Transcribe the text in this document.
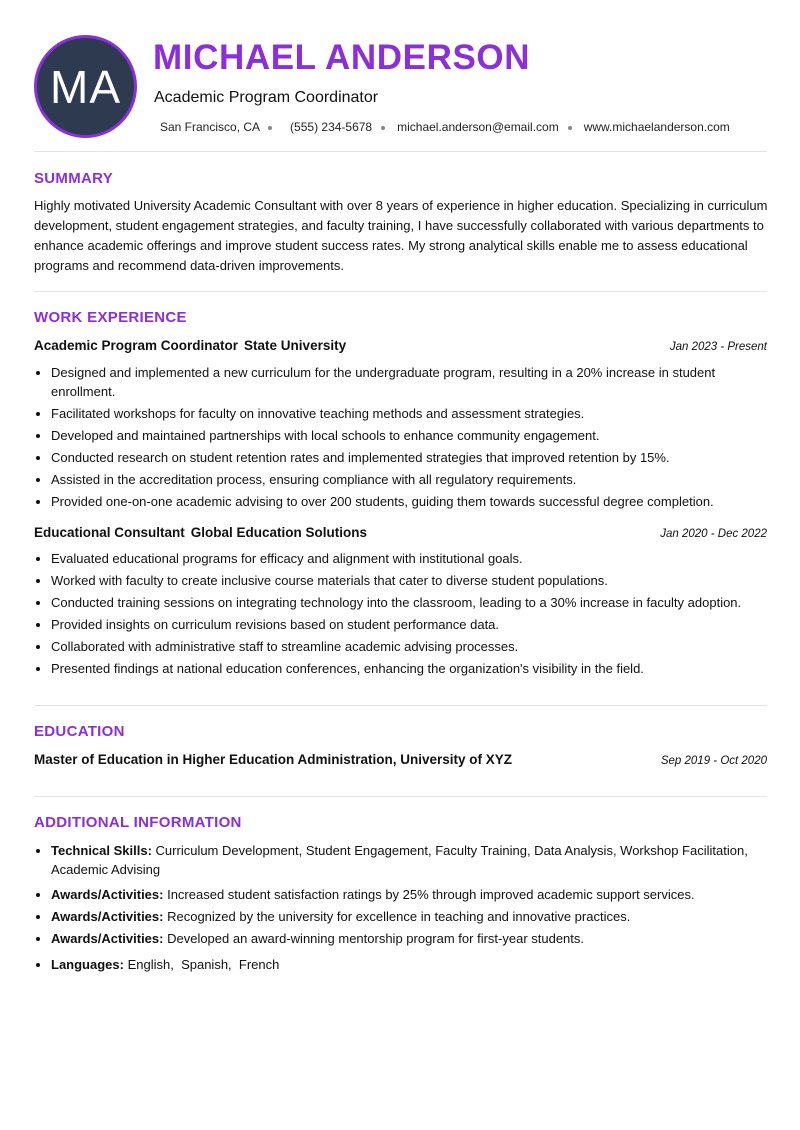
MA
MICHAEL ANDERSON
Academic Program Coordinator
San Francisco, CA	(555) 234-5678 michael.anderson@email.com www.michaelanderson.com
SUMMARY
Highly motivated University Academic Consultant with over 8 years of experience in higher education. Specializing in curriculum development, student engagement strategies, and faculty training, I have successfully collaborated with various departments to enhance academic offerings and improve student success rates. My strong analytical skills enable me to assess educational programs and recommend data-driven improvements.
WORK EXPERIENCE
Academic Program Coordinator State University	Jan 2023 - Present
Designed and implemented a new curriculum for the undergraduate program, resulting in a 20% increase in student enrollment.
Facilitated workshops for faculty on innovative teaching methods and assessment strategies.
Developed and maintained partnerships with local schools to enhance community engagement.
Conducted research on student retention rates and implemented strategies that improved retention by 15%.
Assisted in the accreditation process, ensuring compliance with all regulatory requirements.
Provided one-on-one academic advising to over 200 students, guiding them towards successful degree completion.
Educational Consultant Global Education Solutions	Jan 2020 - Dec 2022
Evaluated educational programs for efficacy and alignment with institutional goals.
Worked with faculty to create inclusive course materials that cater to diverse student populations.
Conducted training sessions on integrating technology into the classroom, leading to a 30% increase in faculty adoption.
Provided insights on curriculum revisions based on student performance data.
Collaborated with administrative staff to streamline academic advising processes.
Presented findings at national education conferences, enhancing the organization's visibility in the field.
EDUCATION
Master of Education in Higher Education Administration, University of XYZ	Sep 2019 - Oct 2020
ADDITIONAL INFORMATION
Technical Skills: Curriculum Development, Student Engagement, Faculty Training, Data Analysis, Workshop Facilitation, Academic Advising
Awards/Activities: Increased student satisfaction ratings by 25% through improved academic support services.
Awards/Activities: Recognized by the university for excellence in teaching and innovative practices.
Awards/Activities: Developed an award-winning mentorship program for first-year students.
Languages: English,  Spanish,  French
